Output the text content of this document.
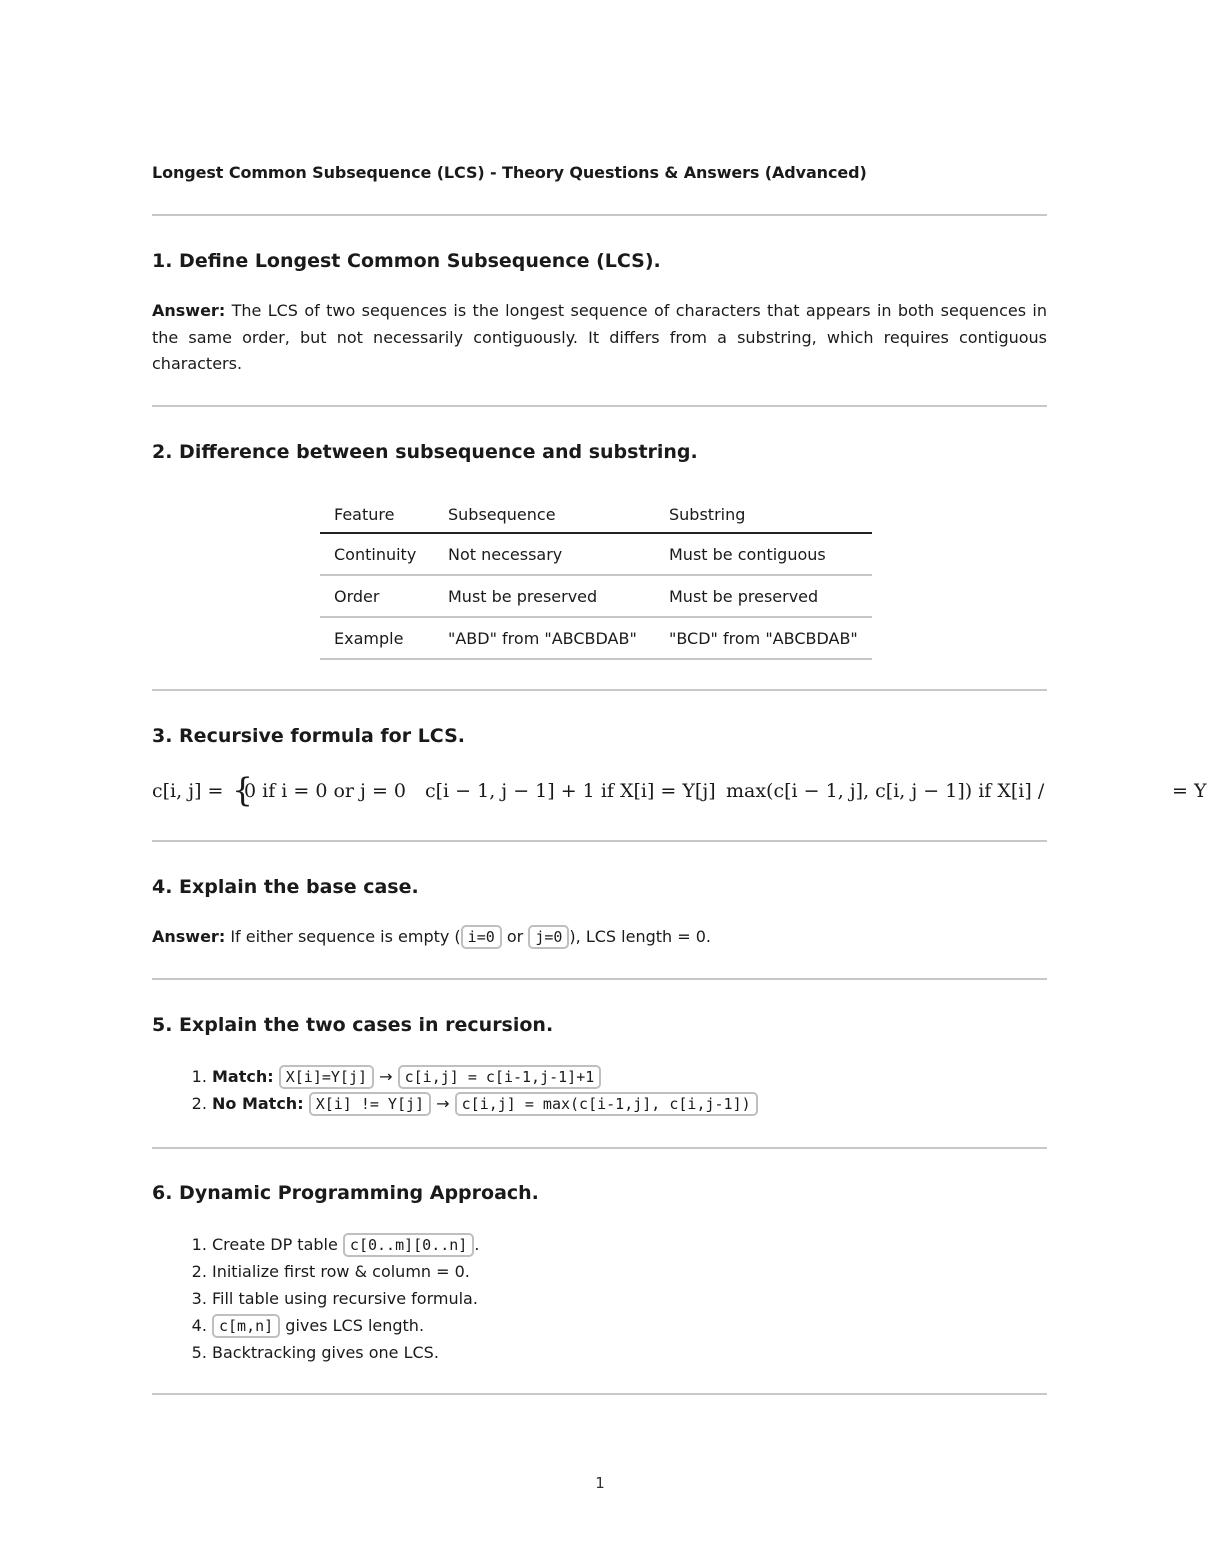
Longest Common Subsequence (LCS) - Theory Questions & Answers (Advanced)
1. Define Longest Common Subsequence (LCS).

Answer: The LCS of two sequences is the longest sequence of characters that appears in both sequences in the same order, but not necessarily contiguously. It differs from a substring, which requires contiguous characters.

2. Difference between subsequence and substring.
Feature	Subsequence	Substring
Continuity	Not necessary	Must be contiguous
Order	Must be preserved	Must be preserved
Example	"ABD" from "ABCBDAB"	"BCD" from "ABCBDAB"
3. Recursive formula for LCS.
c[i, j] = {
0 if i = 0 or j = 0 c[i − 1, j − 1] + 1 if X[i] = Y[j] max(c[i − 1, j], c[i, j − 1]) if X[i] /	= Y
4. Explain the base case.

Answer: If either sequence is empty ( i=0 or j=0 ), LCS length = 0.

5. Explain the two cases in recursion.
1. Match: X[i]=Y[j] → c[i,j] = c[i-1,j-1]+1
2. No Match: X[i] != Y[j] → c[i,j] = max(c[i-1,j], c[i,j-1])
6. Dynamic Programming Approach.
1. Create DP table c[0..m][0..n] .
2. Initialize first row & column = 0.
3. Fill table using recursive formula.
4. c[m,n] gives LCS length.
5. Backtracking gives one LCS.
1
